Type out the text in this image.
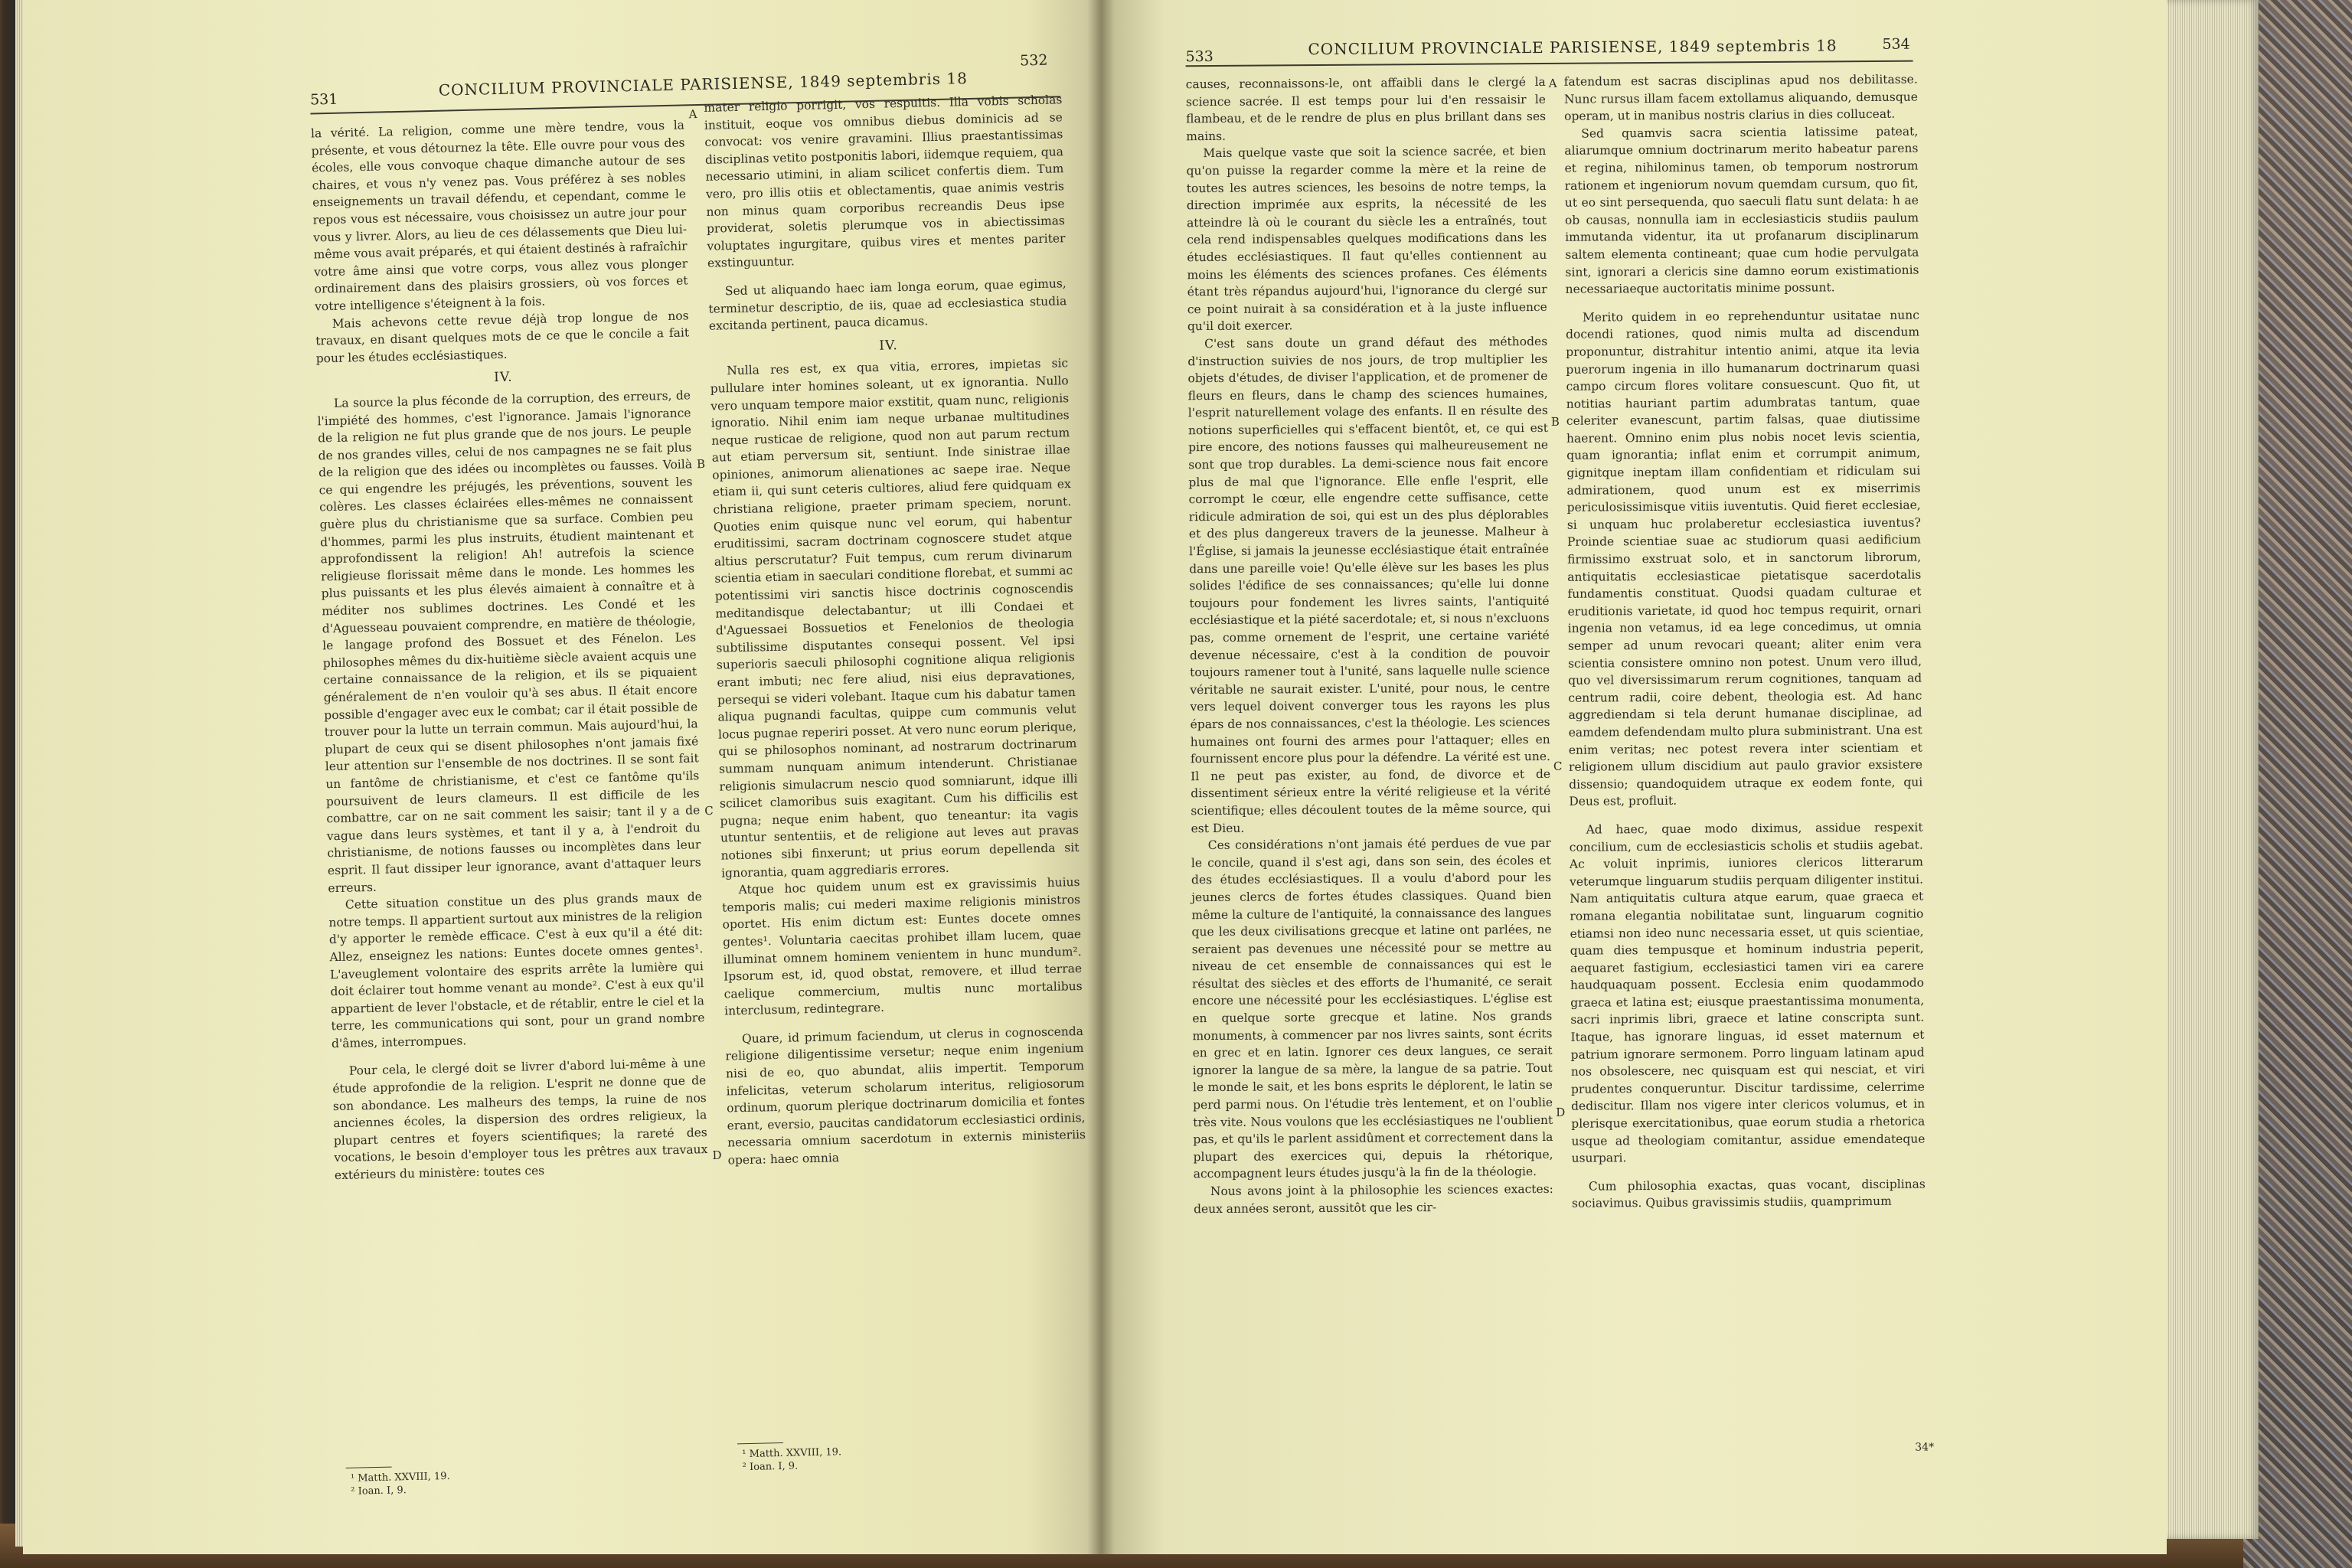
531
CONCILIUM PROVINCIALE PARISIENSE, 1849 septembris 18
532

la vérité. La religion, comme une mère tendre, vous la présente, et vous détournez la tête. Elle ouvre pour vous des écoles, elle vous convoque chaque dimanche autour de ses chaires, et vous n'y venez pas. Vous préférez à ses nobles enseignements un travail défendu, et cependant, comme le repos vous est nécessaire, vous choisissez un autre jour pour vous y livrer. Alors, au lieu de ces délassements que Dieu lui-même vous avait préparés, et qui étaient destinés à rafraîchir votre âme ainsi que votre corps, vous allez vous plonger ordinairement dans des plaisirs grossiers, où vos forces et votre intelligence s'éteignent à la fois.

Mais achevons cette revue déjà trop longue de nos travaux, en disant quelques mots de ce que le concile a fait pour les études ecclésiastiques.

IV.

La source la plus féconde de la corruption, des erreurs, de l'impiété des hommes, c'est l'ignorance. Jamais l'ignorance de la religion ne fut plus grande que de nos jours. Le peuple de nos grandes villes, celui de nos campagnes ne se fait plus de la religion que des idées ou incomplètes ou fausses. Voilà ce qui engendre les préjugés, les préventions, souvent les colères. Les classes éclairées elles-mêmes ne connaissent guère plus du christianisme que sa surface. Combien peu d'hommes, parmi les plus instruits, étudient maintenant et approfondissent la religion! Ah! autrefois la science religieuse florissait même dans le monde. Les hommes les plus puissants et les plus élevés aimaient à connaître et à méditer nos sublimes doctrines. Les Condé et les d'Aguesseau pouvaient comprendre, en matière de théologie, le langage profond des Bossuet et des Fénelon. Les philosophes mêmes du dix-huitième siècle avaient acquis une certaine connaissance de la religion, et ils se piquaient généralement de n'en vouloir qu'à ses abus. Il était encore possible d'engager avec eux le combat; car il était possible de trouver pour la lutte un terrain commun. Mais aujourd'hui, la plupart de ceux qui se disent philosophes n'ont jamais fixé leur attention sur l'ensemble de nos doctrines. Il se sont fait un fantôme de christianisme, et c'est ce fantôme qu'ils poursuivent de leurs clameurs. Il est difficile de les combattre, car on ne sait comment les saisir; tant il y a de vague dans leurs systèmes, et tant il y a, à l'endroit du christianisme, de notions fausses ou incomplètes dans leur esprit. Il faut dissiper leur ignorance, avant d'attaquer leurs erreurs.

Cette situation constitue un des plus grands maux de notre temps. Il appartient surtout aux ministres de la religion d'y apporter le remède efficace. C'est à eux qu'il a été dit: Allez, enseignez les nations: Euntes docete omnes gentes¹. L'aveuglement volontaire des esprits arrête la lumière qui doit éclairer tout homme venant au monde². C'est à eux qu'il appartient de lever l'obstacle, et de rétablir, entre le ciel et la terre, les communications qui sont, pour un grand nombre d'âmes, interrompues.

Pour cela, le clergé doit se livrer d'abord lui-même à une étude approfondie de la religion. L'esprit ne donne que de son abondance. Les malheurs des temps, la ruine de nos anciennes écoles, la dispersion des ordres religieux, la plupart centres et foyers scientifiques; la rareté des vocations, le besoin d'employer tous les prêtres aux travaux extérieurs du ministère: toutes ces

¹ Matth. XXVIII, 19.
² Ioan. I, 9.
A
B
C
D

mater religio porrigit, vos respuitis. Illa vobis scholas instituit, eoque vos omnibus diebus dominicis ad se convocat: vos venire gravamini. Illius praestantissimas disciplinas vetito postponitis labori, iidemque requiem, qua necessario utimini, in aliam scilicet confertis diem. Tum vero, pro illis otiis et oblectamentis, quae animis vestris non minus quam corporibus recreandis Deus ipse providerat, soletis plerumque vos in abiectissimas voluptates ingurgitare, quibus vires et mentes pariter exstinguuntur.

Sed ut aliquando haec iam longa eorum, quae egimus, terminetur descriptio, de iis, quae ad ecclesiastica studia excitanda pertinent, pauca dicamus.

IV.

Nulla res est, ex qua vitia, errores, impietas sic pullulare inter homines soleant, ut ex ignorantia. Nullo vero unquam tempore maior exstitit, quam nunc, religionis ignoratio. Nihil enim iam neque urbanae multitudines neque rusticae de religione, quod non aut parum rectum aut etiam perversum sit, sentiunt. Inde sinistrae illae opiniones, animorum alienationes ac saepe irae. Neque etiam ii, qui sunt ceteris cultiores, aliud fere quidquam ex christiana religione, praeter primam speciem, norunt. Quoties enim quisque nunc vel eorum, qui habentur eruditissimi, sacram doctrinam cognoscere studet atque altius perscrutatur? Fuit tempus, cum rerum divinarum scientia etiam in saeculari conditione florebat, et summi ac potentissimi viri sanctis hisce doctrinis cognoscendis meditandisque delectabantur; ut illi Condaei et d'Aguessaei Bossuetios et Fenelonios de theologia subtilissime disputantes consequi possent. Vel ipsi superioris saeculi philosophi cognitione aliqua religionis erant imbuti; nec fere aliud, nisi eius depravationes, persequi se videri volebant. Itaque cum his dabatur tamen aliqua pugnandi facultas, quippe cum communis velut locus pugnae reperiri posset. At vero nunc eorum plerique, qui se philosophos nominant, ad nostrarum doctrinarum summam nunquam animum intenderunt. Christianae religionis simulacrum nescio quod somniarunt, idque illi scilicet clamoribus suis exagitant. Cum his difficilis est pugna; neque enim habent, quo teneantur: ita vagis utuntur sententiis, et de religione aut leves aut pravas notiones sibi finxerunt; ut prius eorum depellenda sit ignorantia, quam aggrediaris errores.

Atque hoc quidem unum est ex gravissimis huius temporis malis; cui mederi maxime religionis ministros oportet. His enim dictum est: Euntes docete omnes gentes¹. Voluntaria caecitas prohibet illam lucem, quae illuminat omnem hominem venientem in hunc mundum². Ipsorum est, id, quod obstat, removere, et illud terrae caelique commercium, multis nunc mortalibus interclusum, redintegrare.

Quare, id primum faciendum, ut clerus in cognoscenda religione diligentissime versetur; neque enim ingenium nisi de eo, quo abundat, aliis impertit. Temporum infelicitas, veterum scholarum interitus, religiosorum ordinum, quorum plerique doctrinarum domicilia et fontes erant, eversio, paucitas candidatorum ecclesiastici ordinis, necessaria omnium sacerdotum in externis ministeriis opera: haec omnia

¹ Matth. XXVIII, 19.
² Ioan. I, 9.
533	CONCILIUM PROVINCIALE PARISIENSE, 1849 septembris 18	534

causes, reconnaissons-le, ont affaibli dans le clergé la science sacrée. Il est temps pour lui d'en ressaisir le flambeau, et de le rendre de plus en plus brillant dans ses mains.

Mais quelque vaste que soit la science sacrée, et bien qu'on puisse la regarder comme la mère et la reine de toutes les autres sciences, les besoins de notre temps, la direction imprimée aux esprits, la nécessité de les atteindre là où le courant du siècle les a entraînés, tout cela rend indispensables quelques modifications dans les études ecclésiastiques. Il faut qu'elles contiennent au moins les éléments des sciences profanes. Ces éléments étant très répandus aujourd'hui, l'ignorance du clergé sur ce point nuirait à sa considération et à la juste influence qu'il doit exercer.

C'est sans doute un grand défaut des méthodes d'instruction suivies de nos jours, de trop multiplier les objets d'études, de diviser l'application, et de promener de fleurs en fleurs, dans le champ des sciences humaines, l'esprit naturellement volage des enfants. Il en résulte des notions superficielles qui s'effacent bientôt, et, ce qui est pire encore, des notions fausses qui malheureusement ne sont que trop durables. La demi-science nous fait encore plus de mal que l'ignorance. Elle enfle l'esprit, elle corrompt le cœur, elle engendre cette suffisance, cette ridicule admiration de soi, qui est un des plus déplorables et des plus dangereux travers de la jeunesse. Malheur à l'Église, si jamais la jeunesse ecclésiastique était entraînée dans une pareille voie! Qu'elle élève sur les bases les plus solides l'édifice de ses connaissances; qu'elle lui donne toujours pour fondement les livres saints, l'antiquité ecclésiastique et la piété sacerdotale; et, si nous n'excluons pas, comme ornement de l'esprit, une certaine variété devenue nécessaire, c'est à la condition de pouvoir toujours ramener tout à l'unité, sans laquelle nulle science véritable ne saurait exister. L'unité, pour nous, le centre vers lequel doivent converger tous les rayons les plus épars de nos connaissances, c'est la théologie. Les sciences humaines ont fourni des armes pour l'attaquer; elles en fournissent encore plus pour la défendre. La vérité est une. Il ne peut pas exister, au fond, de divorce et de dissentiment sérieux entre la vérité religieuse et la vérité scientifique; elles découlent toutes de la même source, qui est Dieu.

Ces considérations n'ont jamais été perdues de vue par le concile, quand il s'est agi, dans son sein, des écoles et des études ecclésiastiques. Il a voulu d'abord pour les jeunes clercs de fortes études classiques. Quand bien même la culture de l'antiquité, la connaissance des langues que les deux civilisations grecque et latine ont parlées, ne seraient pas devenues une nécessité pour se mettre au niveau de cet ensemble de connaissances qui est le résultat des siècles et des efforts de l'humanité, ce serait encore une nécessité pour les ecclésiastiques. L'église est en quelque sorte grecque et latine. Nos grands monuments, à commencer par nos livres saints, sont écrits en grec et en latin. Ignorer ces deux langues, ce serait ignorer la langue de sa mère, la langue de sa patrie. Tout le monde le sait, et les bons esprits le déplorent, le latin se perd parmi nous. On l'étudie très lentement, et on l'oublie très vite. Nous voulons que les ecclésiastiques ne l'oublient pas, et qu'ils le parlent assidûment et correctement dans la plupart des exercices qui, depuis la rhétorique, accompagnent leurs études jusqu'à la fin de la théologie.

Nous avons joint à la philosophie les sciences exactes: deux années seront, aussitôt que les cir-

A
B
C
D

fatendum est sacras disciplinas apud nos debilitasse. Nunc rursus illam facem extollamus aliquando, demusque operam, ut in manibus nostris clarius in dies colluceat.

Sed quamvis sacra scientia latissime pateat, aliarumque omnium doctrinarum merito habeatur parens et regina, nihilominus tamen, ob temporum nostrorum rationem et ingeniorum novum quemdam cursum, quo fit, ut eo sint persequenda, quo saeculi flatu sunt delata: h ae ob causas, nonnulla iam in ecclesiasticis studiis paulum immutanda videntur, ita ut profanarum disciplinarum saltem elementa contineant; quae cum hodie pervulgata sint, ignorari a clericis sine damno eorum existimationis necessariaeque auctoritatis minime possunt.

Merito quidem in eo reprehenduntur usitatae nunc docendi rationes, quod nimis multa ad discendum proponuntur, distrahitur intentio animi, atque ita levia puerorum ingenia in illo humanarum doctrinarum quasi campo circum flores volitare consuescunt. Quo fit, ut notitias hauriant partim adumbratas tantum, quae celeriter evanescunt, partim falsas, quae diutissime haerent. Omnino enim plus nobis nocet levis scientia, quam ignorantia; inflat enim et corrumpit animum, gignitque ineptam illam confidentiam et ridiculam sui admirationem, quod unum est ex miserrimis periculosissimisque vitiis iuventutis. Quid fieret ecclesiae, si unquam huc prolaberetur ecclesiastica iuventus? Proinde scientiae suae ac studiorum quasi aedificium firmissimo exstruat solo, et in sanctorum librorum, antiquitatis ecclesiasticae pietatisque sacerdotalis fundamentis constituat. Quodsi quadam culturae et eruditionis varietate, id quod hoc tempus requirit, ornari ingenia non vetamus, id ea lege concedimus, ut omnia semper ad unum revocari queant; aliter enim vera scientia consistere omnino non potest. Unum vero illud, quo vel diversissimarum rerum cognitiones, tanquam ad centrum radii, coire debent, theologia est. Ad hanc aggrediendam si tela derunt humanae disciplinae, ad eamdem defendendam multo plura subministrant. Una est enim veritas; nec potest revera inter scientiam et religionem ullum discidium aut paulo gravior exsistere dissensio; quandoquidem utraque ex eodem fonte, qui Deus est, profluit.

Ad haec, quae modo diximus, assidue respexit concilium, cum de ecclesiasticis scholis et studiis agebat. Ac voluit inprimis, iuniores clericos litterarum veterumque linguarum studiis perquam diligenter institui. Nam antiquitatis cultura atque earum, quae graeca et romana elegantia nobilitatae sunt, linguarum cognitio etiamsi non ideo nunc necessaria esset, ut quis scientiae, quam dies tempusque et hominum industria peperit, aequaret fastigium, ecclesiastici tamen viri ea carere haudquaquam possent. Ecclesia enim quodammodo graeca et latina est; eiusque praestantissima monumenta, sacri inprimis libri, graece et latine conscripta sunt. Itaque, has ignorare linguas, id esset maternum et patrium ignorare sermonem. Porro linguam latinam apud nos obsolescere, nec quisquam est qui nesciat, et viri prudentes conqueruntur. Discitur tardissime, celerrime dediscitur. Illam nos vigere inter clericos volumus, et in plerisque exercitationibus, quae eorum studia a rhetorica usque ad theologiam comitantur, assidue emendateque usurpari.

Cum philosophia exactas, quas vocant, disciplinas sociavimus. Quibus gravissimis studiis, quamprimum

34*
